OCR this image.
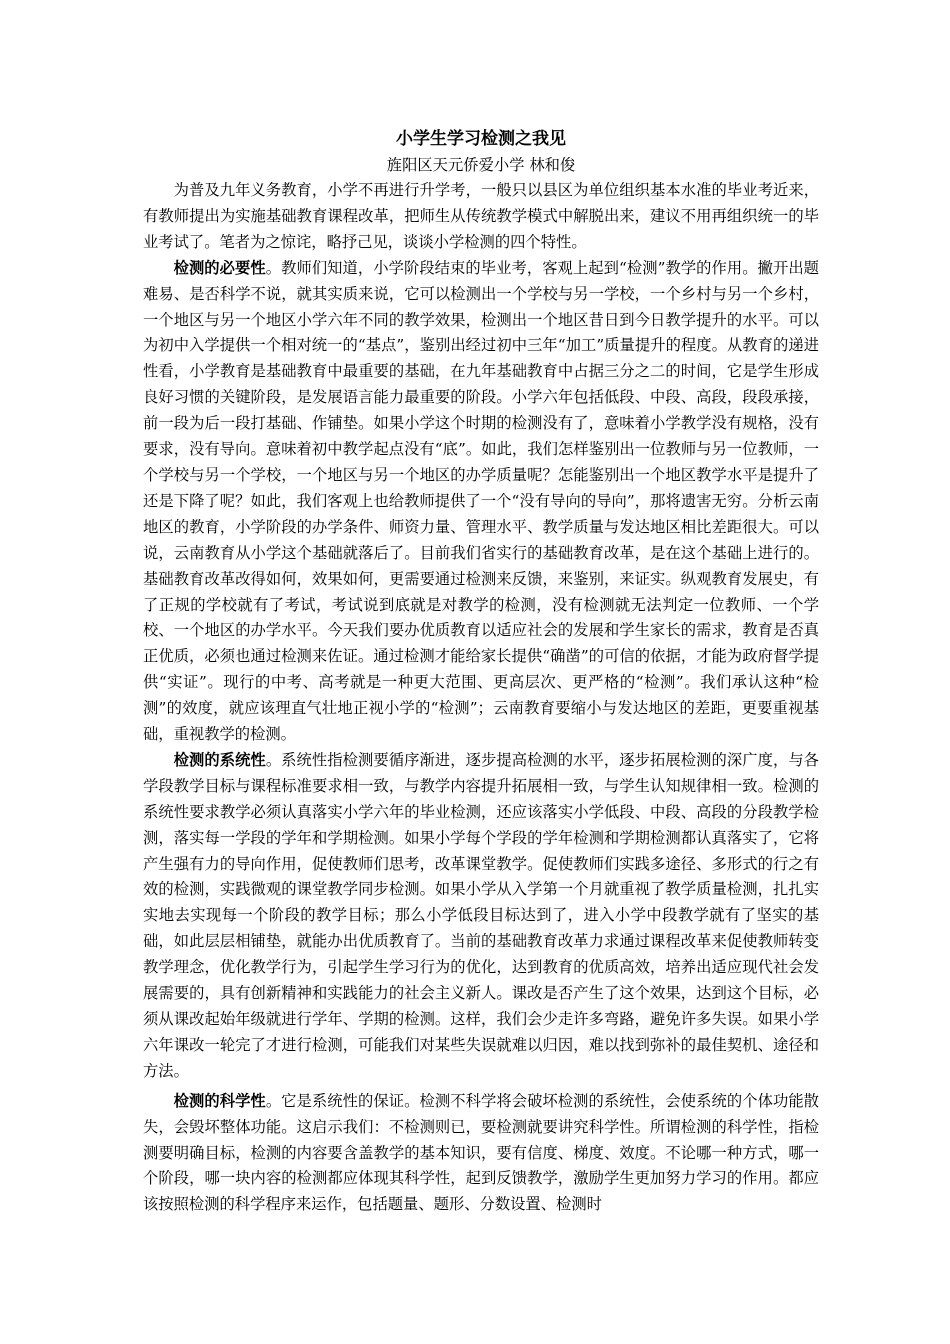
小学生学习检测之我见
旌阳区天元侨爱小学 林和俊

为普及九年义务教育，小学不再进行升学考，一般只以县区为单位组织基本水准的毕业考近来，有教师提出为实施基础教育课程改革，把师生从传统教学模式中解脱出来，建议不用再组织统一的毕业考试了。笔者为之惊诧，略抒己见，谈谈小学检测的四个特性。

检测的必要性。教师们知道，小学阶段结束的毕业考，客观上起到“检测”教学的作用。撇开出题难易、是否科学不说，就其实质来说，它可以检测出一个学校与另一学校，一个乡村与另一个乡村，一个地区与另一个地区小学六年不同的教学效果，检测出一个地区昔日到今日教学提升的水平。可以为初中入学提供一个相对统一的“基点”，鉴别出经过初中三年“加工”质量提升的程度。从教育的递进性看，小学教育是基础教育中最重要的基础，在九年基础教育中占据三分之二的时间，它是学生形成良好习惯的关键阶段，是发展语言能力最重要的阶段。小学六年包括低段、中段、高段，段段承接，前一段为后一段打基础、作铺垫。如果小学这个时期的检测没有了，意味着小学教学没有规格，没有要求，没有导向。意味着初中教学起点没有“底”。如此，我们怎样鉴别出一位教师与另一位教师，一个学校与另一个学校，一个地区与另一个地区的办学质量呢？怎能鉴别出一个地区教学水平是提升了还是下降了呢？如此，我们客观上也给教师提供了一个“没有导向的导向”，那将遗害无穷。分析云南地区的教育，小学阶段的办学条件、师资力量、管理水平、教学质量与发达地区相比差距很大。可以说，云南教育从小学这个基础就落后了。目前我们省实行的基础教育改革，是在这个基础上进行的。基础教育改革改得如何，效果如何，更需要通过检测来反馈，来鉴别，来证实。纵观教育发展史，有了正规的学校就有了考试，考试说到底就是对教学的检测，没有检测就无法判定一位教师、一个学校、一个地区的办学水平。今天我们要办优质教育以适应社会的发展和学生家长的需求，教育是否真正优质，必须也通过检测来佐证。通过检测才能给家长提供“确凿”的可信的依据，才能为政府督学提供“实证”。现行的中考、高考就是一种更大范围、更高层次、更严格的“检测”。我们承认这种“检测”的效度，就应该理直气壮地正视小学的“检测”；云南教育要缩小与发达地区的差距，更要重视基础，重视教学的检测。

检测的系统性。系统性指检测要循序渐进，逐步提高检测的水平，逐步拓展检测的深广度，与各学段教学目标与课程标准要求相一致，与教学内容提升拓展相一致，与学生认知规律相一致。检测的系统性要求教学必须认真落实小学六年的毕业检测，还应该落实小学低段、中段、高段的分段教学检测，落实每一学段的学年和学期检测。如果小学每个学段的学年检测和学期检测都认真落实了，它将产生强有力的导向作用，促使教师们思考，改革课堂教学。促使教师们实践多途径、多形式的行之有效的检测，实践微观的课堂教学同步检测。如果小学从入学第一个月就重视了教学质量检测，扎扎实实地去实现每一个阶段的教学目标；那么小学低段目标达到了，进入小学中段教学就有了坚实的基础，如此层层相铺垫，就能办出优质教育了。当前的基础教育改革力求通过课程改革来促使教师转变教学理念，优化教学行为，引起学生学习行为的优化，达到教育的优质高效，培养出适应现代社会发展需要的，具有创新精神和实践能力的社会主义新人。课改是否产生了这个效果，达到这个目标，必须从课改起始年级就进行学年、学期的检测。这样，我们会少走许多弯路，避免许多失误。如果小学六年课改一轮完了才进行检测，可能我们对某些失误就难以归因，难以找到弥补的最佳契机、途径和方法。

检测的科学性。它是系统性的保证。检测不科学将会破坏检测的系统性，会使系统的个体功能散失，会毁坏整体功能。这启示我们：不检测则已，要检测就要讲究科学性。所谓检测的科学性，指检测要明确目标，检测的内容要含盖教学的基本知识，要有信度、梯度、效度。不论哪一种方式，哪一个阶段，哪一块内容的检测都应体现其科学性，起到反馈教学，激励学生更加努力学习的作用。都应该按照检测的科学程序来运作，包括题量、题形、分数设置、检测时
